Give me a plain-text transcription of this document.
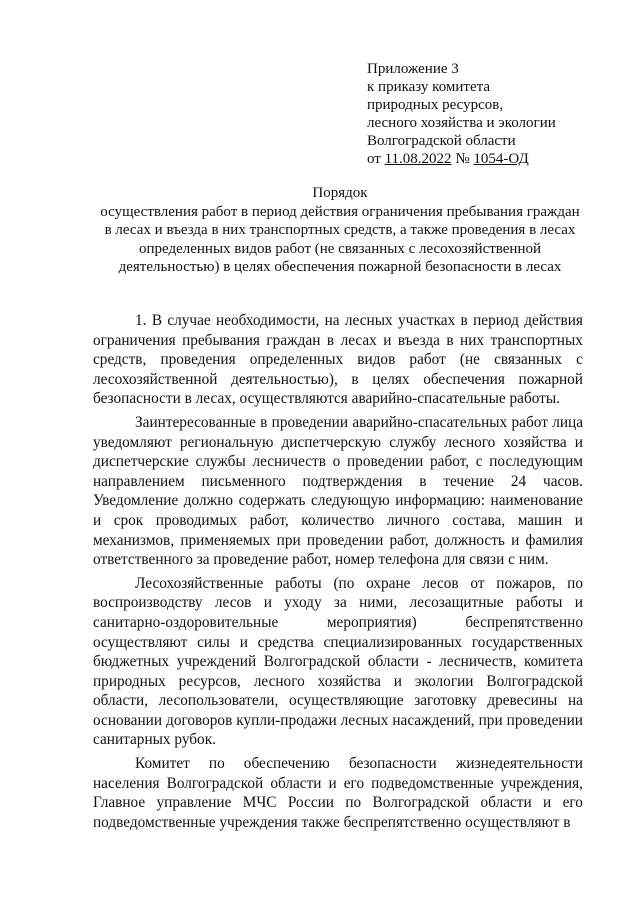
Приложение 3
к приказу комитета
природных ресурсов,
лесного хозяйства и экологии
Волгоградской области
от 11.08.2022 № 1054-ОД
Порядок
осуществления работ в период действия ограничения пребывания граждан
в лесах и въезда в них транспортных средств, а также проведения в лесах
определенных видов работ (не связанных с лесохозяйственной
деятельностью) в целях обеспечения пожарной безопасности в лесах
1. В случае необходимости, на лесных участках в период действия
ограничения пребывания граждан в лесах и въезда в них транспортных
средств, проведения определенных видов работ (не связанных с
лесохозяйственной деятельностью), в целях обеспечения пожарной
безопасности в лесах, осуществляются аварийно-спасательные работы.
Заинтересованные в проведении аварийно-спасательных работ лица
уведомляют региональную диспетчерскую службу лесного хозяйства и
диспетчерские службы лесничеств о проведении работ, с последующим
направлением письменного подтверждения в течение 24 часов.
Уведомление должно содержать следующую информацию: наименование
и срок проводимых работ, количество личного состава, машин и
механизмов, применяемых при проведении работ, должность и фамилия
ответственного за проведение работ, номер телефона для связи с ним.
Лесохозяйственные работы (по охране лесов от пожаров, по
воспроизводству лесов и уходу за ними, лесозащитные работы и
санитарно-оздоровительные	мероприятия)	беспрепятственно
осуществляют силы и средства специализированных государственных
бюджетных учреждений Волгоградской области - лесничеств, комитета
природных ресурсов, лесного хозяйства и экологии Волгоградской
области, лесопользователи, осуществляющие заготовку древесины на
основании договоров купли-продажи лесных насаждений, при проведении
санитарных рубок.
Комитет по обеспечению безопасности жизнедеятельности
населения Волгоградской области и его подведомственные учреждения,
Главное управление МЧС России по Волгоградской области и его
подведомственные учреждения также беспрепятственно осуществляют в
